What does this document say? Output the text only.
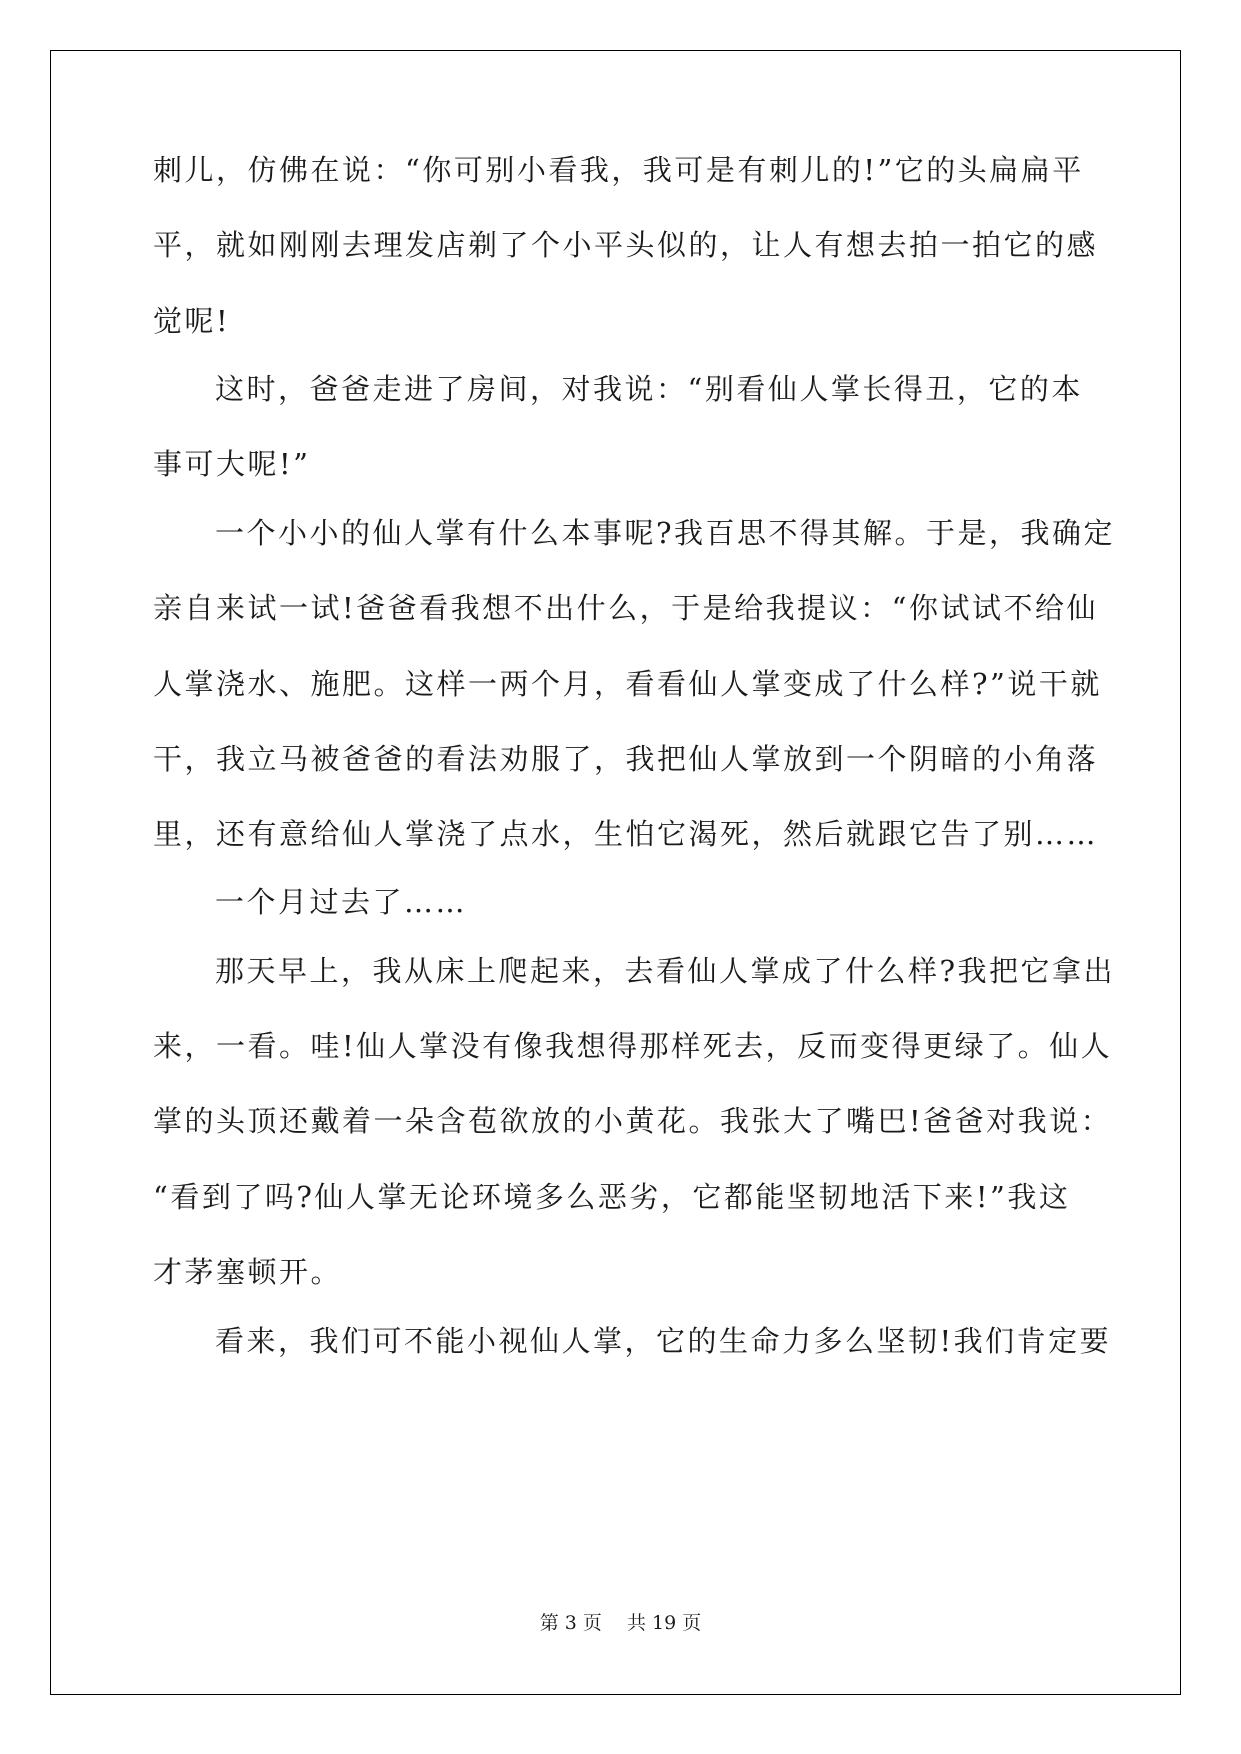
刺儿，仿佛在说：“你可别小看我，我可是有刺儿的!”它的头扁扁平
平，就如刚刚去理发店剃了个小平头似的，让人有想去拍一拍它的感
觉呢!
这时，爸爸走进了房间，对我说：“别看仙人掌长得丑，它的本
事可大呢!”
一个小小的仙人掌有什么本事呢?我百思不得其解。于是，我确定
亲自来试一试!爸爸看我想不出什么，于是给我提议：“你试试不给仙
人掌浇水、施肥。这样一两个月，看看仙人掌变成了什么样?”说干就
干，我立马被爸爸的看法劝服了，我把仙人掌放到一个阴暗的小角落
里，还有意给仙人掌浇了点水，生怕它渴死，然后就跟它告了别……
一个月过去了……
那天早上，我从床上爬起来，去看仙人掌成了什么样?我把它拿出
来，一看。哇!仙人掌没有像我想得那样死去，反而变得更绿了。仙人
掌的头顶还戴着一朵含苞欲放的小黄花。我张大了嘴巴!爸爸对我说：
“看到了吗?仙人掌无论环境多么恶劣，它都能坚韧地活下来!”我这
才茅塞顿开。
看来，我们可不能小视仙人掌，它的生命力多么坚韧!我们肯定要
第 3 页　 共 19 页
